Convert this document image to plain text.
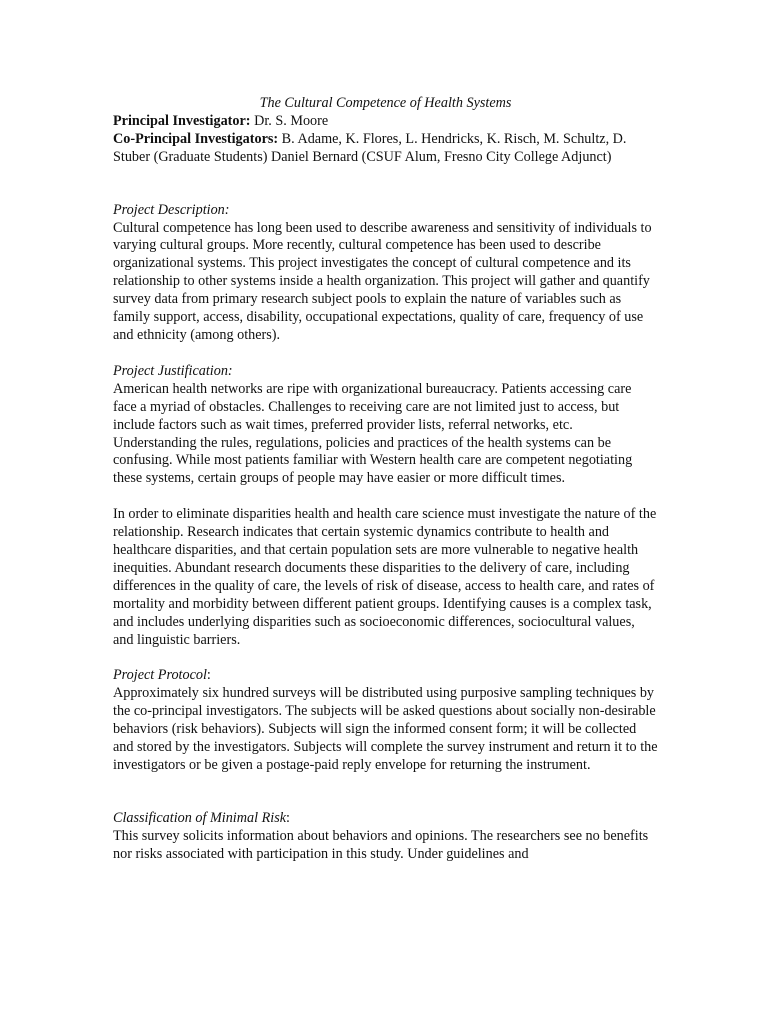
The Cultural Competence of Health Systems

Principal Investigator: Dr. S. Moore

Co-Principal Investigators: B. Adame, K. Flores, L. Hendricks, K. Risch, M. Schultz, D. Stuber (Graduate Students) Daniel Bernard (CSUF Alum, Fresno City College Adjunct)

Project Description:

Cultural competence has long been used to describe awareness and sensitivity of individuals to varying cultural groups. More recently, cultural competence has been used to describe organizational systems. This project investigates the concept of cultural competence and its relationship to other systems inside a health organization. This project will gather and quantify survey data from primary research subject pools to explain the nature of variables such as family support, access, disability, occupational expectations, quality of care, frequency of use and ethnicity (among others).

Project Justification:

American health networks are ripe with organizational bureaucracy. Patients accessing care face a myriad of obstacles. Challenges to receiving care are not limited just to access, but include factors such as wait times, preferred provider lists, referral networks, etc. Understanding the rules, regulations, policies and practices of the health systems can be confusing. While most patients familiar with Western health care are competent negotiating these systems, certain groups of people may have easier or more difficult times.

In order to eliminate disparities health and health care science must investigate the nature of the relationship. Research indicates that certain systemic dynamics contribute to health and healthcare disparities, and that certain population sets are more vulnerable to negative health inequities. Abundant research documents these disparities to the delivery of care, including differences in the quality of care, the levels of risk of disease, access to health care, and rates of mortality and morbidity between different patient groups. Identifying causes is a complex task, and includes underlying disparities such as socioeconomic differences, sociocultural values, and linguistic barriers.

Project Protocol:

Approximately six hundred surveys will be distributed using purposive sampling techniques by the co-principal investigators. The subjects will be asked questions about socially non-desirable behaviors (risk behaviors). Subjects will sign the informed consent form; it will be collected and stored by the investigators. Subjects will complete the survey instrument and return it to the investigators or be given a postage-paid reply envelope for returning the instrument.

Classification of Minimal Risk:

This survey solicits information about behaviors and opinions. The researchers see no benefits nor risks associated with participation in this study. Under guidelines and
